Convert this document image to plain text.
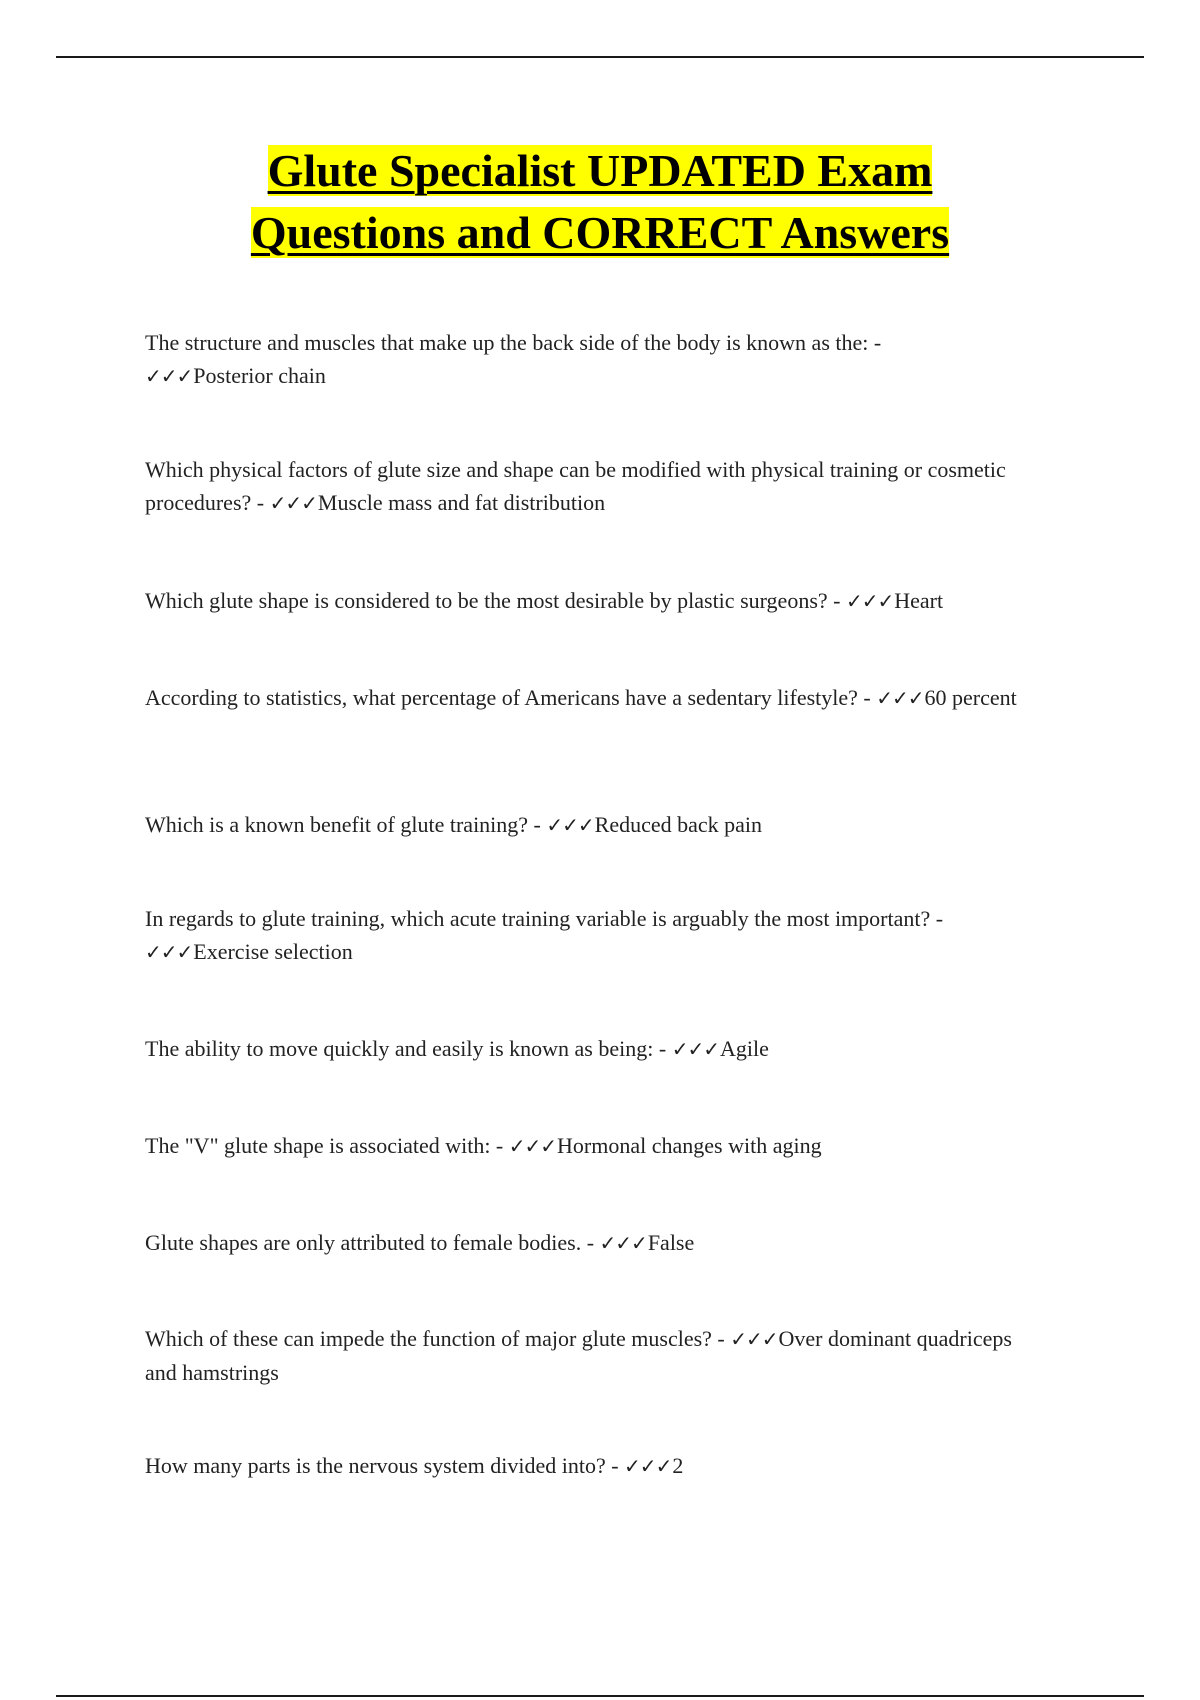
Glute Specialist UPDATED Exam
Questions and CORRECT Answers
The structure and muscles that make up the back side of the body is known as the: -
✓✓✓Posterior chain
Which physical factors of glute size and shape can be modified with physical training or cosmetic procedures? - ✓✓✓Muscle mass and fat distribution
Which glute shape is considered to be the most desirable by plastic surgeons? - ✓✓✓Heart
According to statistics, what percentage of Americans have a sedentary lifestyle? - ✓✓✓60 percent
Which is a known benefit of glute training? - ✓✓✓Reduced back pain
In regards to glute training, which acute training variable is arguably the most important? -
✓✓✓Exercise selection
The ability to move quickly and easily is known as being: - ✓✓✓Agile
The "V" glute shape is associated with: - ✓✓✓Hormonal changes with aging
Glute shapes are only attributed to female bodies. - ✓✓✓False
Which of these can impede the function of major glute muscles? - ✓✓✓Over dominant quadriceps and hamstrings
How many parts is the nervous system divided into? - ✓✓✓2
